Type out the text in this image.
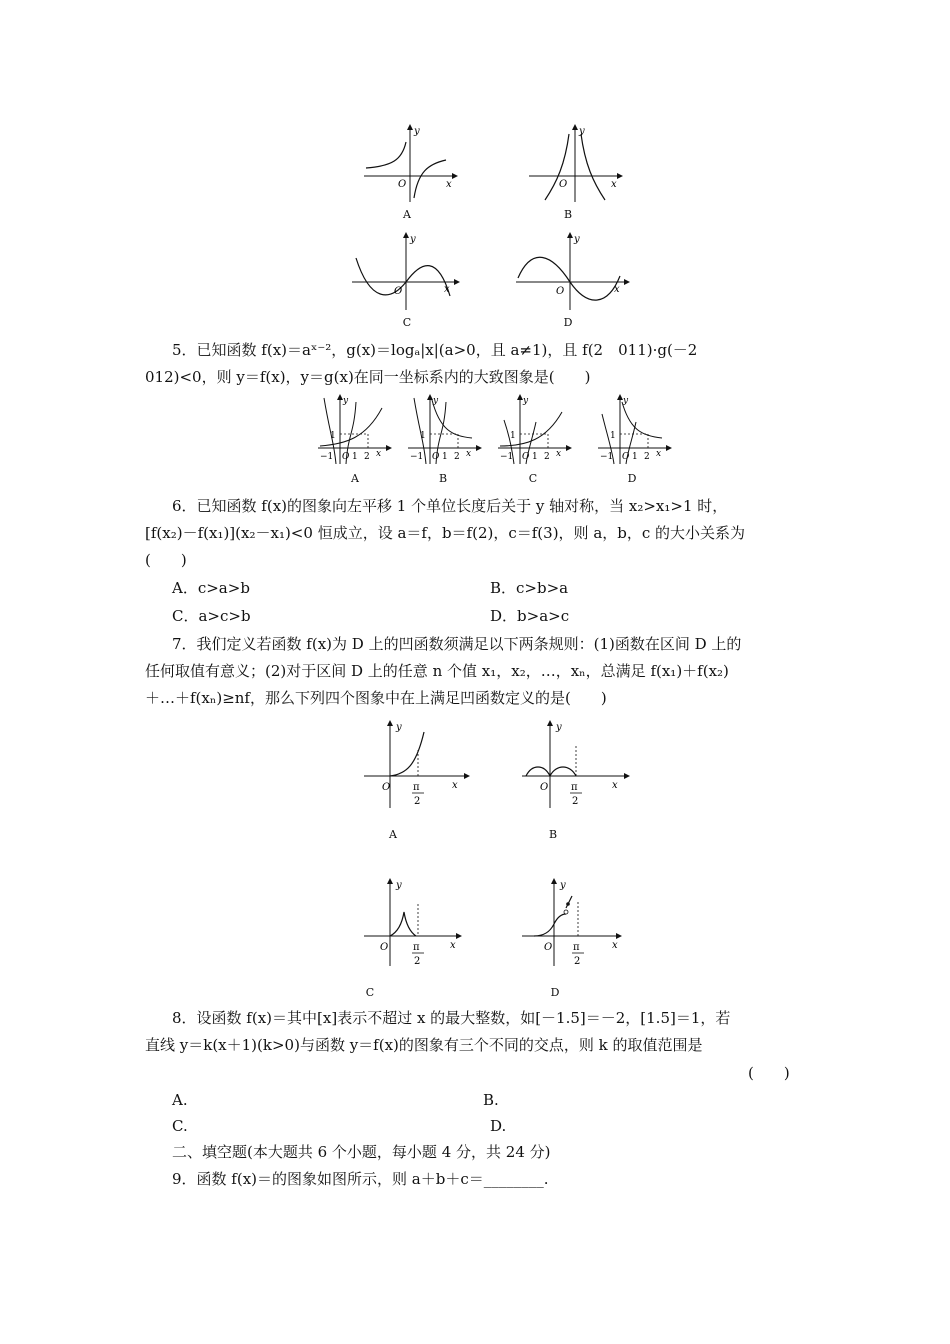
y
O	x
A
y
O	x
B
y
O	x
C
y
O	x
D
5．已知函数 f(x)＝aˣ⁻²，g(x)＝logₐ|x|(a>0，且 a≠1)，且 f(2　011)·g(－2
012)<0，则 y＝f(x)，y＝g(x)在同一坐标系内的大致图象是(　　)
y
1
−1 O 1 2 x
A
y
1
−1 O 1 2 x
B
y
1
−1 O 1 2 x
C
y
1
−1 O 1 2 x
D
6．已知函数 f(x)的图象向左平移 1 个单位长度后关于 y 轴对称，当 x₂>x₁>1 时，
[f(x₂)－f(x₁)](x₂－x₁)<0 恒成立，设 a＝f，b＝f(2)，c＝f(3)，则 a，b，c 的大小关系为
(　　)
A．c>a>b	B．c>b>a
C．a>c>b	D．b>a>c
7．我们定义若函数 f(x)为 D 上的凹函数须满足以下两条规则：(1)函数在区间 D 上的
任何取值有意义；(2)对于区间 D 上的任意 n 个值 x₁，x₂，…，xₙ，总满足 f(x₁)＋f(x₂)
＋…＋f(xₙ)≥nf，那么下列四个图象中在上满足凹函数定义的是(　　)
y
O π
2
x
A
y
O π
2
x
B
y
O π
2
x
C
y
O π
2
x
D
8．设函数 f(x)＝其中[x]表示不超过 x 的最大整数，如[－1.5]＝－2，[1.5]＝1，若
直线 y＝k(x＋1)(k>0)与函数 y＝f(x)的图象有三个不同的交点，则 k 的取值范围是
(　　)
A.	B.
C.	D.
二、填空题(本大题共 6 个小题，每小题 4 分，共 24 分)
9．函数 f(x)＝的图象如图所示，则 a＋b＋c＝________.
